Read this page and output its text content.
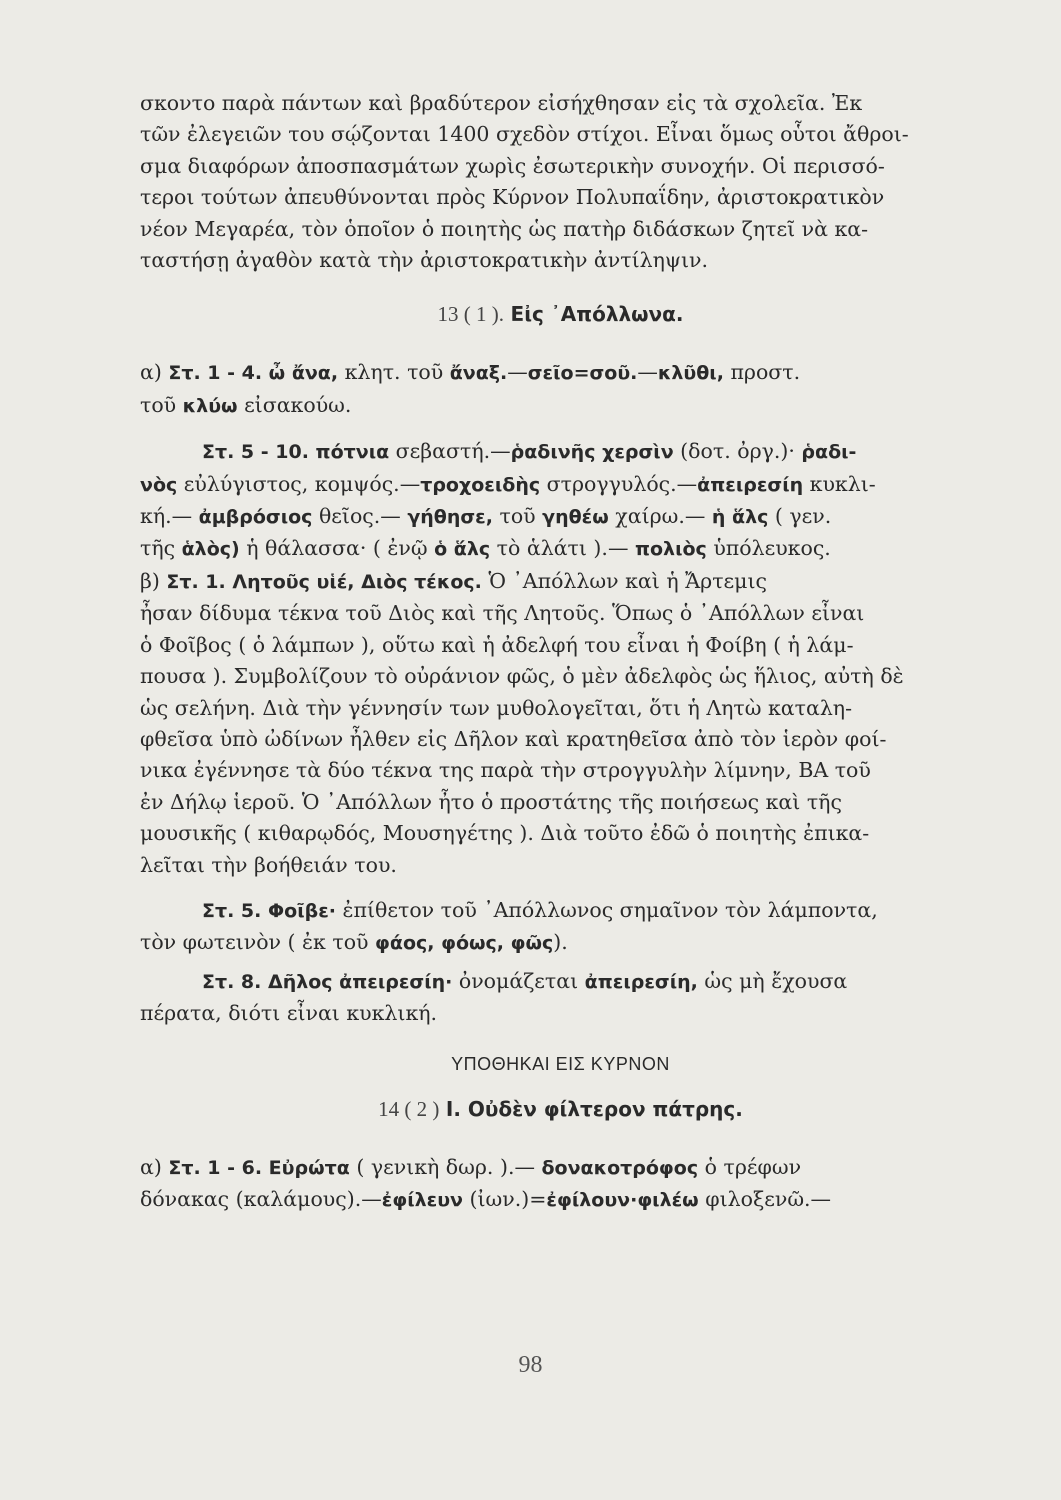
σκοντο παρὰ πάντων καὶ βραδύτερον εἰσήχθησαν εἰς τὰ σχολεῖα. Ἐκ
τῶν ἐλεγειῶν του σῴζονται 1400 σχεδὸν στίχοι. Εἶναι ὅμως οὗτοι ἄθροι-
σμα διαφόρων ἀποσπασμάτων χωρὶς ἐσωτερικὴν συνοχήν. Οἱ περισσό-
τεροι τούτων ἀπευθύνονται πρὸς Κύρνον Πολυπαΐδην, ἀριστοκρατικὸν
νέον Μεγαρέα, τὸν ὁποῖον ὁ ποιητὴς ὡς πατὴρ διδάσκων ζητεῖ νὰ κα-
ταστήσῃ ἀγαθὸν κατὰ τὴν ἀριστοκρατικὴν ἀντίληψιν.

13 ( 1 ). Εἰς ᾿Απόλλωνα.

α) Στ. 1 - 4. ὦ ἄνα, κλητ. τοῦ ἄναξ.—σεῖο=σοῦ.—κλῦθι, προστ.
τοῦ κλύω εἰσακούω.

Στ. 5 - 10. πότνια σεβαστή.—ῥαδινῆς χερσὶν (δοτ. ὀργ.)· ῥαδι-
νὸς εὐλύγιστος, κομψός.—τροχοειδὴς στρογγυλός.—ἀπειρεσίη κυκλι-
κή.— ἀμβρόσιος θεῖος.— γήθησε, τοῦ γηθέω χαίρω.— ἡ ἅλς ( γεν.
τῆς ἁλὸς) ἡ θάλασσα· ( ἐνῷ ὁ ἅλς τὸ ἁλάτι ).— πολιὸς ὑπόλευκος.

β) Στ. 1. Λητοῦς υἱέ, Διὸς τέκος. Ὁ ᾿Απόλλων καὶ ἡ Ἄρτεμις
ἦσαν δίδυμα τέκνα τοῦ Διὸς καὶ τῆς Λητοῦς. Ὅπως ὁ ᾿Απόλλων εἶναι
ὁ Φοῖβος ( ὁ λάμπων ), οὕτω καὶ ἡ ἀδελφή του εἶναι ἡ Φοίβη ( ἡ λάμ-
πουσα ). Συμβολίζουν τὸ οὐράνιον φῶς, ὁ μὲν ἀδελφὸς ὡς ἥλιος, αὐτὴ δὲ
ὡς σελήνη. Διὰ τὴν γέννησίν των μυθολογεῖται, ὅτι ἡ Λητὼ καταλη-
φθεῖσα ὑπὸ ὠδίνων ἦλθεν εἰς Δῆλον καὶ κρατηθεῖσα ἀπὸ τὸν ἱερὸν φοί-
νικα ἐγέννησε τὰ δύο τέκνα της παρὰ τὴν στρογγυλὴν λίμνην, ΒΑ τοῦ
ἐν Δήλῳ ἱεροῦ. Ὁ ᾿Απόλλων ἦτο ὁ προστάτης τῆς ποιήσεως καὶ τῆς
μουσικῆς ( κιθαρῳδός, Μουσηγέτης ). Διὰ τοῦτο ἐδῶ ὁ ποιητὴς ἐπικα-
λεῖται τὴν βοήθειάν του.

Στ. 5. Φοῖβε· ἐπίθετον τοῦ ᾿Απόλλωνος σημαῖνον τὸν λάμποντα,
τὸν φωτεινὸν ( ἐκ τοῦ φάος, φόως, φῶς).

Στ. 8. Δῆλος ἀπειρεσίη· ὀνομάζεται ἀπειρεσίη, ὡς μὴ ἔχουσα
πέρατα, διότι εἶναι κυκλική.

ΥΠΟΘΗΚΑΙ ΕΙΣ ΚΥΡΝΟΝ
14 ( 2 ) Ι. Οὐδὲν φίλτερον πάτρης.

α) Στ. 1 - 6. Εὐρώτα ( γενικὴ δωρ. ).— δονακοτρόφος ὁ τρέφων
δόνακας (καλάμους).—ἐφίλευν (ἰων.)=ἐφίλουν·φιλέω φιλοξενῶ.—

98
